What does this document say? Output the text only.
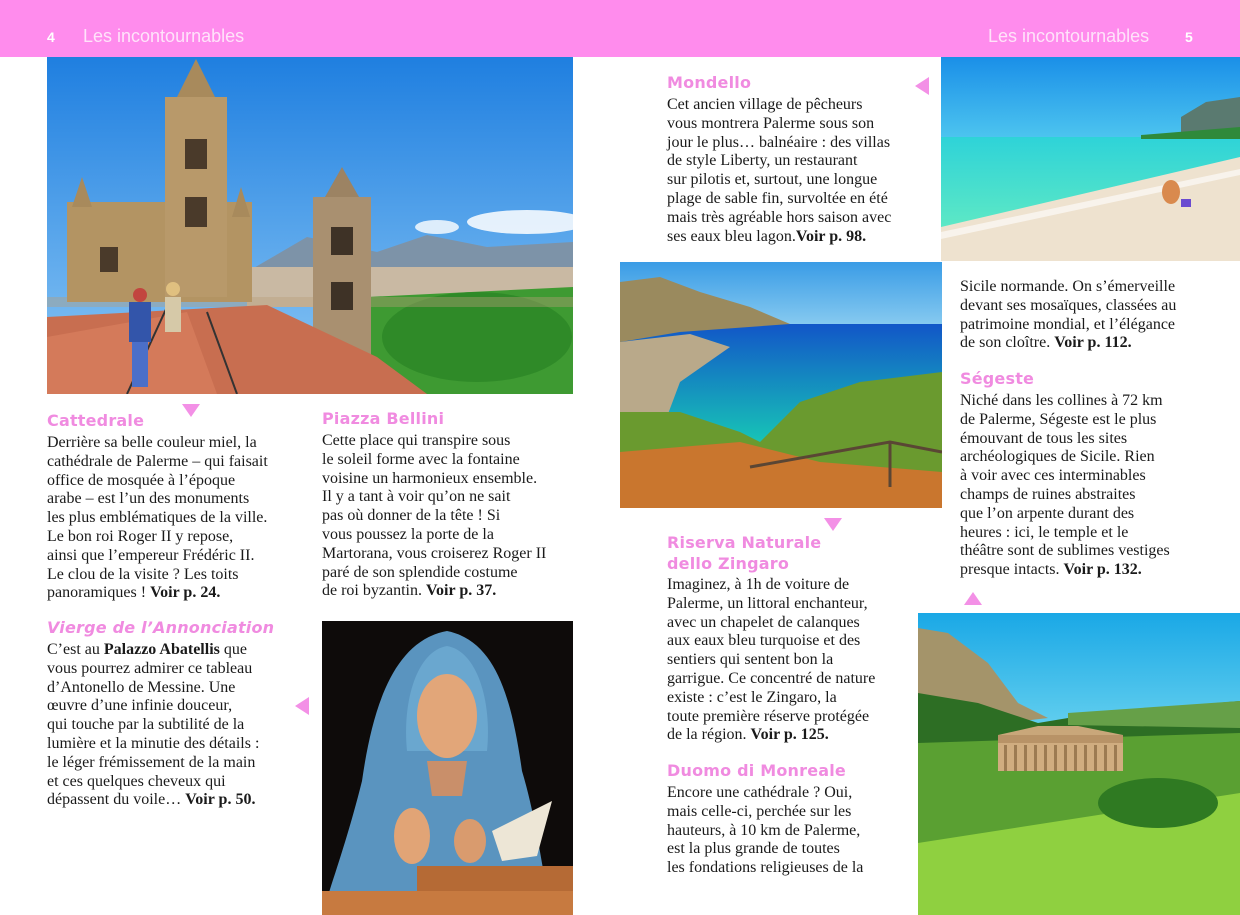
4 Les incontournables	Les incontournables	5
Cattedrale
Derrière sa belle couleur miel, la
cathédrale de Palerme – qui faisait
office de mosquée à l’époque
arabe – est l’un des monuments
les plus emblématiques de la ville.
Le bon roi Roger II y repose,
ainsi que l’empereur Frédéric II.
Le clou de la visite ? Les toits
panoramiques ! Voir p. 24.
Piazza Bellini
Cette place qui transpire sous
le soleil forme avec la fontaine
voisine un harmonieux ensemble.
Il y a tant à voir qu’on ne sait
pas où donner de la tête ! Si
vous poussez la porte de la
Martorana, vous croiserez Roger II
paré de son splendide costume
de roi byzantin. Voir p. 37.
Vierge de l’Annonciation
C’est au Palazzo Abatellis que
vous pourrez admirer ce tableau
d’Antonello de Messine. Une
œuvre d’une infinie douceur,
qui touche par la subtilité de la
lumière et la minutie des détails :
le léger frémissement de la main
et ces quelques cheveux qui
dépassent du voile… Voir p. 50.
Mondello
Cet ancien village de pêcheurs
vous montrera Palerme sous son
jour le plus… balnéaire : des villas
de style Liberty, un restaurant
sur pilotis et, surtout, une longue
plage de sable fin, survoltée en été
mais très agréable hors saison avec
ses eaux bleu lagon.Voir p. 98.
Riserva Naturale
dello Zingaro
Imaginez, à 1h de voiture de
Palerme, un littoral enchanteur,
avec un chapelet de calanques
aux eaux bleu turquoise et des
sentiers qui sentent bon la
garrigue. Ce concentré de nature
existe : c’est le Zingaro, la
toute première réserve protégée
de la région. Voir p. 125.
Duomo di Monreale
Encore une cathédrale ? Oui,
mais celle-ci, perchée sur les
hauteurs, à 10 km de Palerme,
est la plus grande de toutes
les fondations religieuses de la
Sicile normande. On s’émerveille
devant ses mosaïques, classées au
patrimoine mondial, et l’élégance
de son cloître. Voir p. 112.
Ségeste
Niché dans les collines à 72 km
de Palerme, Ségeste est le plus
émouvant de tous les sites
archéologiques de Sicile. Rien
à voir avec ces interminables
champs de ruines abstraites
que l’on arpente durant des
heures : ici, le temple et le
théâtre sont de sublimes vestiges
presque intacts. Voir p. 132.
